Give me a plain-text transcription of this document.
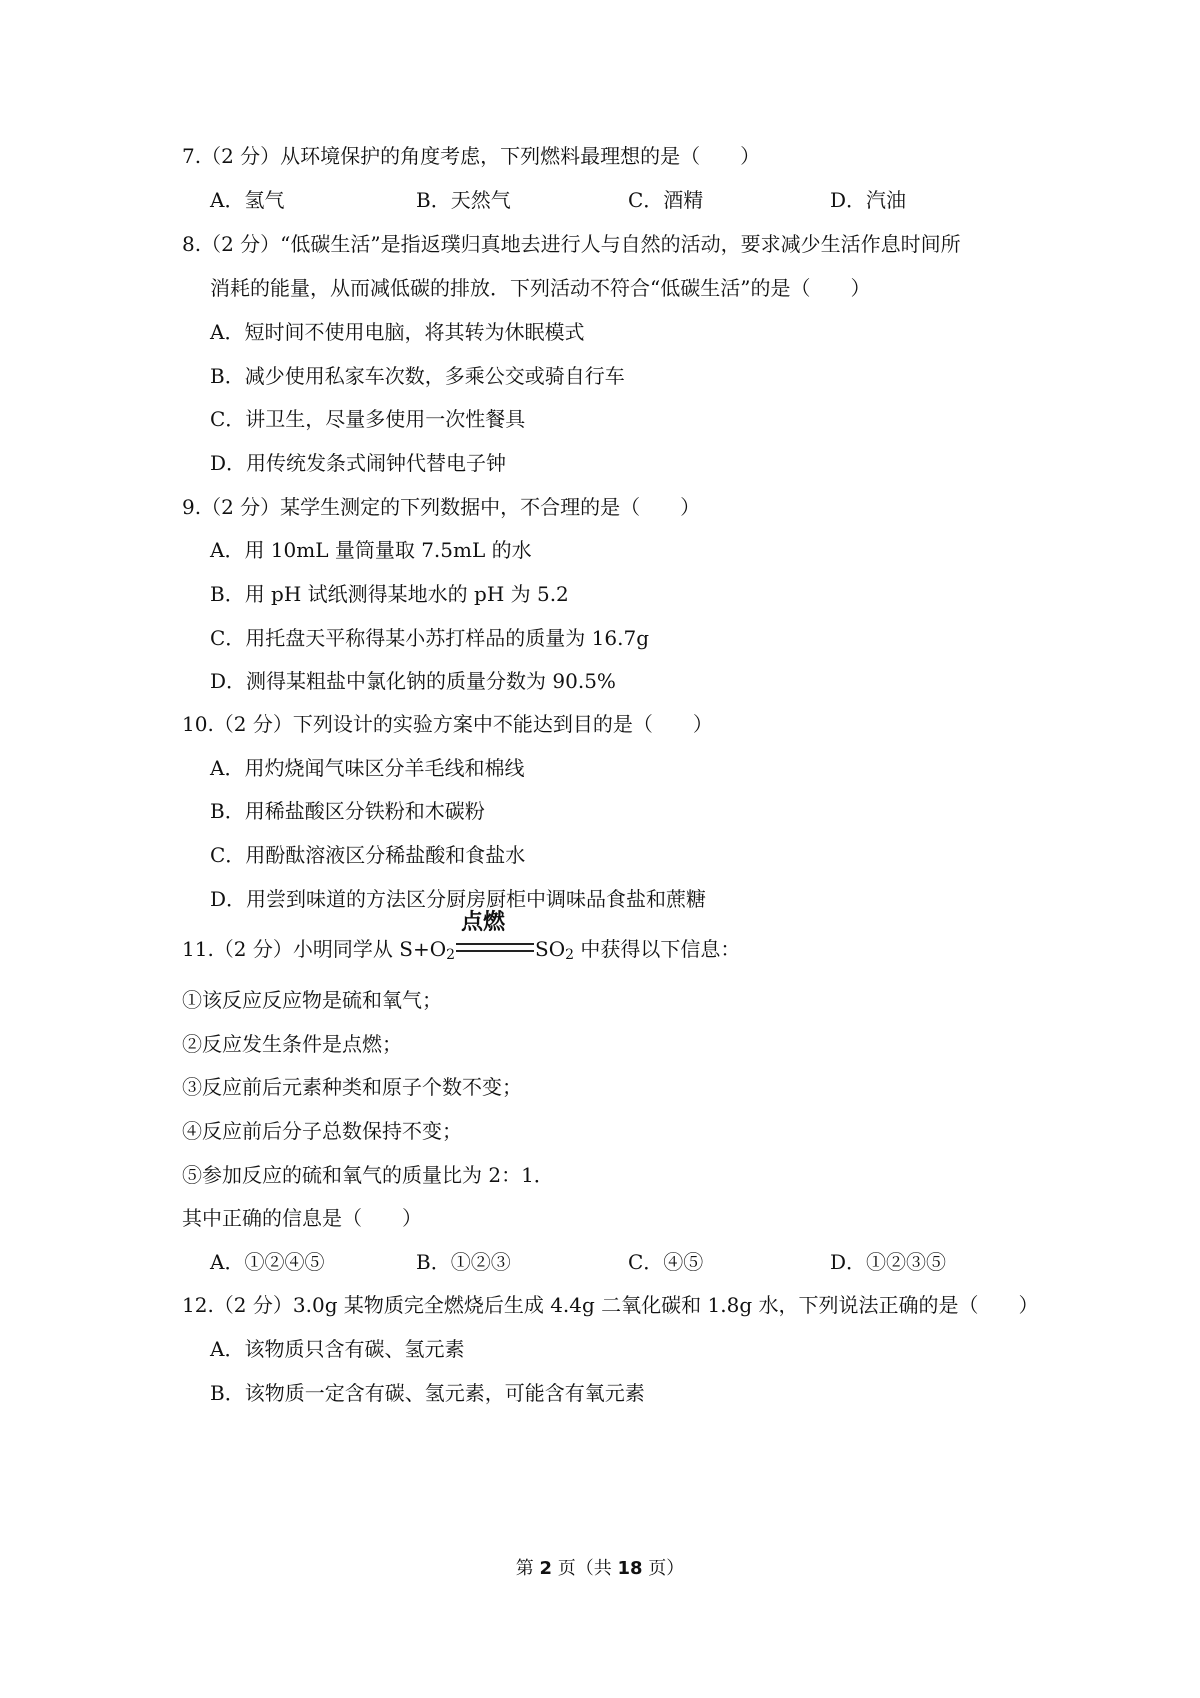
7.（2 分）从环境保护的角度考虑，下列燃料最理想的是（　　）
A．氢气	B．天然气	C．酒精	D．汽油
8.（2 分）“低碳生活”是指返璞归真地去进行人与自然的活动，要求减少生活作息时间所
消耗的能量，从而减低碳的排放．下列活动不符合“低碳生活”的是（　　）
A．短时间不使用电脑，将其转为休眠模式
B．减少使用私家车次数，多乘公交或骑自行车
C．讲卫生，尽量多使用一次性餐具
D．用传统发条式闹钟代替电子钟
9.（2 分）某学生测定的下列数据中，不合理的是（　　）
A．用 10mL 量筒量取 7.5mL 的水
B．用 pH 试纸测得某地水的 pH 为 5.2
C．用托盘天平称得某小苏打样品的质量为 16.7g
D．测得某粗盐中氯化钠的质量分数为 90.5%
10.（2 分）下列设计的实验方案中不能达到目的是（　　）
A．用灼烧闻气味区分羊毛线和棉线
B．用稀盐酸区分铁粉和木碳粉
C．用酚酞溶液区分稀盐酸和食盐水
D．用尝到味道的方法区分厨房厨柜中调味品食盐和蔗糖
11.（2 分）小明同学从 $S+O_2$
点燃
$SO_2$ 中获得以下信息：
①该反应反应物是硫和氧气；
②反应发生条件是点燃；
③反应前后元素种类和原子个数不变；
④反应前后分子总数保持不变；
⑤参加反应的硫和氧气的质量比为 2：1．
其中正确的信息是（　　）
A．①②④⑤	B．①②③	C．④⑤	D．①②③⑤
12.（2 分）3.0g 某物质完全燃烧后生成 4.4g 二氧化碳和 1.8g 水，下列说法正确的是（　　）
A．该物质只含有碳、氢元素
B．该物质一定含有碳、氢元素，可能含有氧元素
第 2 页（共 18 页）
